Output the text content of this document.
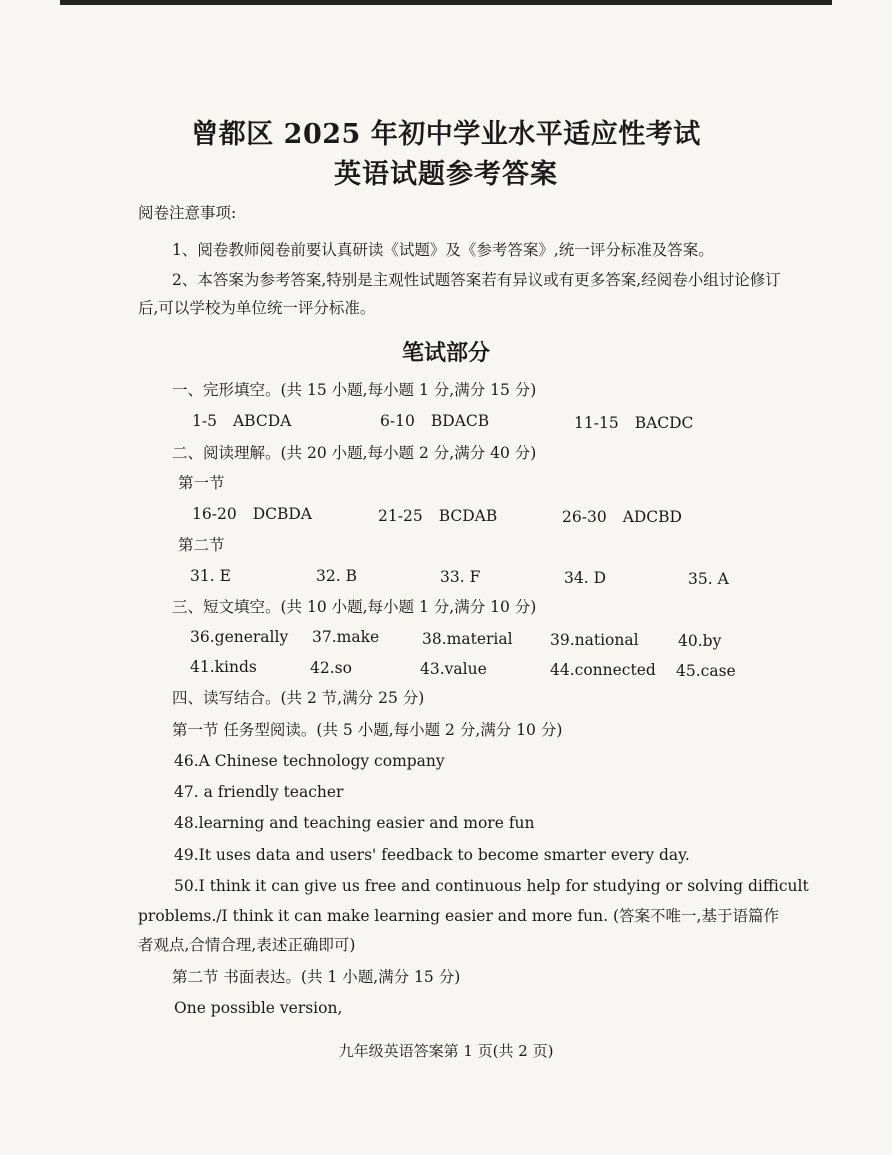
曾都区 2025 年初中学业水平适应性考试
英语试题参考答案
阅卷注意事项:
1、阅卷教师阅卷前要认真研读《试题》及《参考答案》,统一评分标准及答案。
2、本答案为参考答案,特别是主观性试题答案若有异议或有更多答案,经阅卷小组讨论修订
后,可以学校为单位统一评分标准。
笔试部分
一、完形填空。(共 15 小题,每小题 1 分,满分 15 分)
1-5 ABCDA	6-10 BDACB	11-15 BACDC
二、阅读理解。(共 20 小题,每小题 2 分,满分 40 分)
第一节
16-20 DCBDA	21-25 BCDAB	26-30 ADCBD
第二节
31. E	32. B	33. F	34. D	35. A
三、短文填空。(共 10 小题,每小题 1 分,满分 10 分)
36.generally 37.make	38.material 39.national	40.by
41.kinds	42.so	43.value	44.connected 45.case
四、读写结合。(共 2 节,满分 25 分)
第一节 任务型阅读。(共 5 小题,每小题 2 分,满分 10 分)
46.A Chinese technology company
47. a friendly teacher
48.learning and teaching easier and more fun
49.It uses data and users' feedback to become smarter every day.
50.I think it can give us free and continuous help for studying or solving difficult
problems./I think it can make learning easier and more fun. (答案不唯一,基于语篇作
者观点,合情合理,表述正确即可)
第二节 书面表达。(共 1 小题,满分 15 分)
One possible version,
九年级英语答案第 1 页(共 2 页)
